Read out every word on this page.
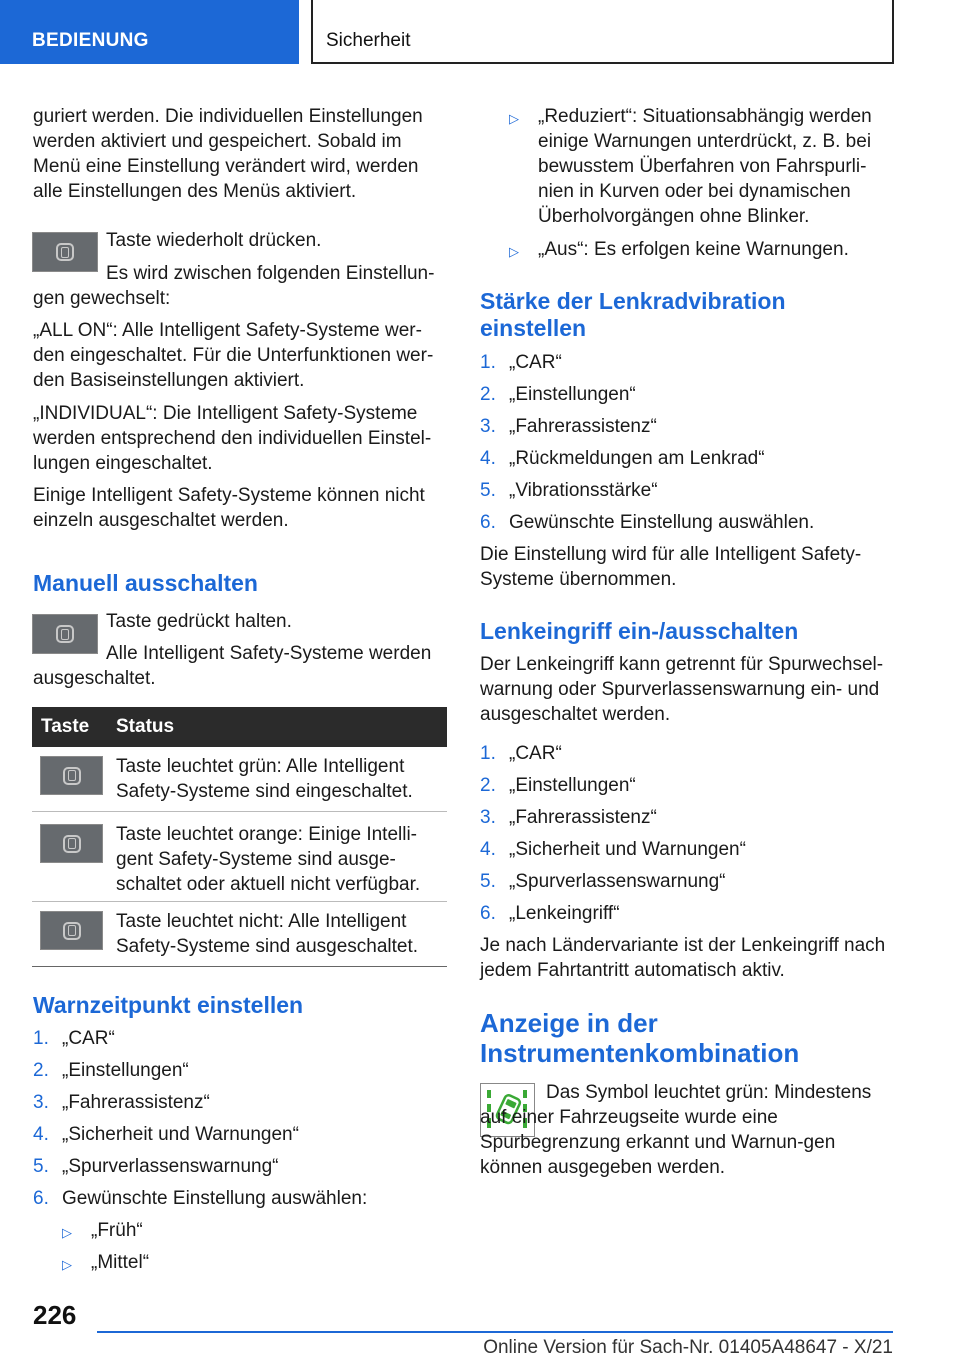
BEDIENUNG	Sicherheit

guriert werden. Die individuellen Einstellungen werden aktiviert und gespeichert. Sobald im Menü eine Einstellung verändert wird, werden alle Einstellungen des Menüs aktiviert.

Taste wiederholt drücken.
Es wird zwischen folgenden Einstellun-gen gewechselt:
„ALL ON“: Alle Intelligent Safety-Systeme wer-den eingeschaltet. Für die Unterfunktionen wer-den Basiseinstellungen aktiviert.
„INDIVIDUAL“: Die Intelligent Safety-Systeme werden entsprechend den individuellen Einstel-lungen eingeschaltet.
Einige Intelligent Safety-Systeme können nicht einzeln ausgeschaltet werden.
Manuell ausschalten
Taste gedrückt halten.
Alle Intelligent Safety-Systeme werden ausgeschaltet.
Taste Status
Taste leuchtet grün: Alle Intelligent Safety-Systeme sind eingeschaltet.
Taste leuchtet orange: Einige Intelli-gent Safety-Systeme sind ausge-schaltet oder aktuell nicht verfügbar.
Taste leuchtet nicht: Alle Intelligent Safety-Systeme sind ausgeschaltet.
Warnzeitpunkt einstellen
1. „CAR“
2. „Einstellungen“
3. „Fahrerassistenz“
4. „Sicherheit und Warnungen“
5. „Spurverlassenswarnung“
6. Gewünschte Einstellung auswählen:
▷ „Früh“
▷ „Mittel“
▷ „Reduziert“: Situationsabhängig werden einige Warnungen unterdrückt, z. B. bei bewusstem Überfahren von Fahrspurli-nien in Kurven oder bei dynamischen Überholvorgängen ohne Blinker.
▷ „Aus“: Es erfolgen keine Warnungen.
Stärke der Lenkradvibration einstellen
1. „CAR“
2. „Einstellungen“
3. „Fahrerassistenz“
4. „Rückmeldungen am Lenkrad“
5. „Vibrationsstärke“
6. Gewünschte Einstellung auswählen.
Die Einstellung wird für alle Intelligent Safety-Systeme übernommen.
Lenkeingriff ein-/ausschalten
Der Lenkeingriff kann getrennt für Spurwechsel-warnung oder Spurverlassenswarnung ein- und ausgeschaltet werden.
1. „CAR“
2. „Einstellungen“
3. „Fahrerassistenz“
4. „Sicherheit und Warnungen“
5. „Spurverlassenswarnung“
6. „Lenkeingriff“
Je nach Ländervariante ist der Lenkeingriff nach jedem Fahrtantritt automatisch aktiv.
Anzeige in der
Instrumentenkombination
Das Symbol leuchtet grün: Mindestens auf einer Fahrzeugseite wurde eine Spurbegrenzung erkannt und Warnun-gen können ausgegeben werden.
226
Online Version für Sach-Nr. 01405A48647 - X/21
